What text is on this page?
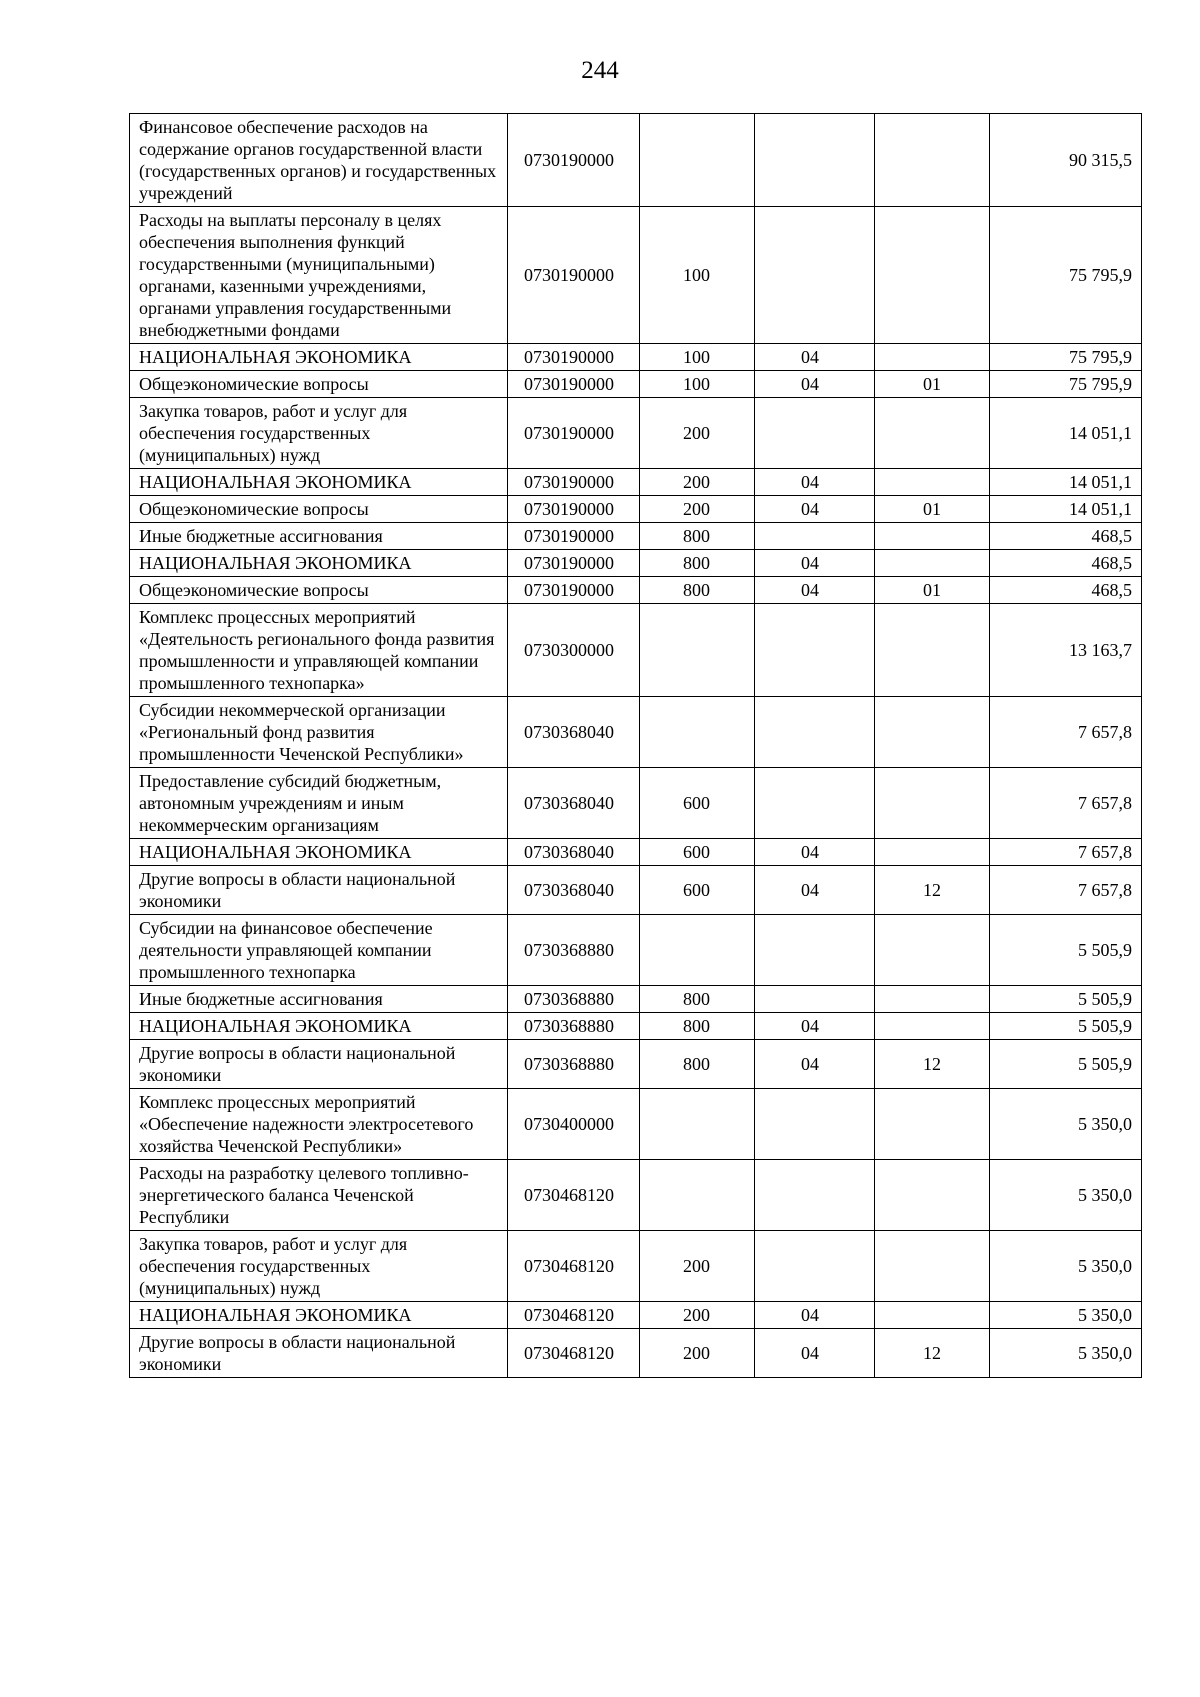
244
Финансовое обеспечение расходов на содержание органов государственной власти (государственных органов) и государственных учреждений	0730190000				90 315,5
Расходы на выплаты персоналу в целях обеспечения выполнения функций государственными (муниципальными) органами, казенными учреждениями, органами управления государственными внебюджетными фондами	0730190000	100			75 795,9
НАЦИОНАЛЬНАЯ ЭКОНОМИКА	0730190000	100	04		75 795,9
Общеэкономические вопросы	0730190000	100	04	01	75 795,9
Закупка товаров, работ и услуг для обеспечения государственных (муниципальных) нужд	0730190000	200			14 051,1
НАЦИОНАЛЬНАЯ ЭКОНОМИКА	0730190000	200	04		14 051,1
Общеэкономические вопросы	0730190000	200	04	01	14 051,1
Иные бюджетные ассигнования	0730190000	800			468,5
НАЦИОНАЛЬНАЯ ЭКОНОМИКА	0730190000	800	04		468,5
Общеэкономические вопросы	0730190000	800	04	01	468,5
Комплекс процессных мероприятий «Деятельность регионального фонда развития промышленности и управляющей компании промышленного технопарка»	0730300000				13 163,7
Субсидии некоммерческой организации «Региональный фонд развития промышленности Чеченской Республики»	0730368040				7 657,8
Предоставление субсидий бюджетным, автономным учреждениям и иным некоммерческим организациям	0730368040	600			7 657,8
НАЦИОНАЛЬНАЯ ЭКОНОМИКА	0730368040	600	04		7 657,8
Другие вопросы в области национальной экономики	0730368040	600	04	12	7 657,8
Субсидии на финансовое обеспечение деятельности управляющей компании промышленного технопарка	0730368880				5 505,9
Иные бюджетные ассигнования	0730368880	800			5 505,9
НАЦИОНАЛЬНАЯ ЭКОНОМИКА	0730368880	800	04		5 505,9
Другие вопросы в области национальной экономики	0730368880	800	04	12	5 505,9
Комплекс процессных мероприятий «Обеспечение надежности электросетевого хозяйства Чеченской Республики»	0730400000				5 350,0
Расходы на разработку целевого топливно-энергетического баланса Чеченской Республики	0730468120				5 350,0
Закупка товаров, работ и услуг для обеспечения государственных (муниципальных) нужд	0730468120	200			5 350,0
НАЦИОНАЛЬНАЯ ЭКОНОМИКА	0730468120	200	04		5 350,0
Другие вопросы в области национальной экономики	0730468120	200	04	12	5 350,0
